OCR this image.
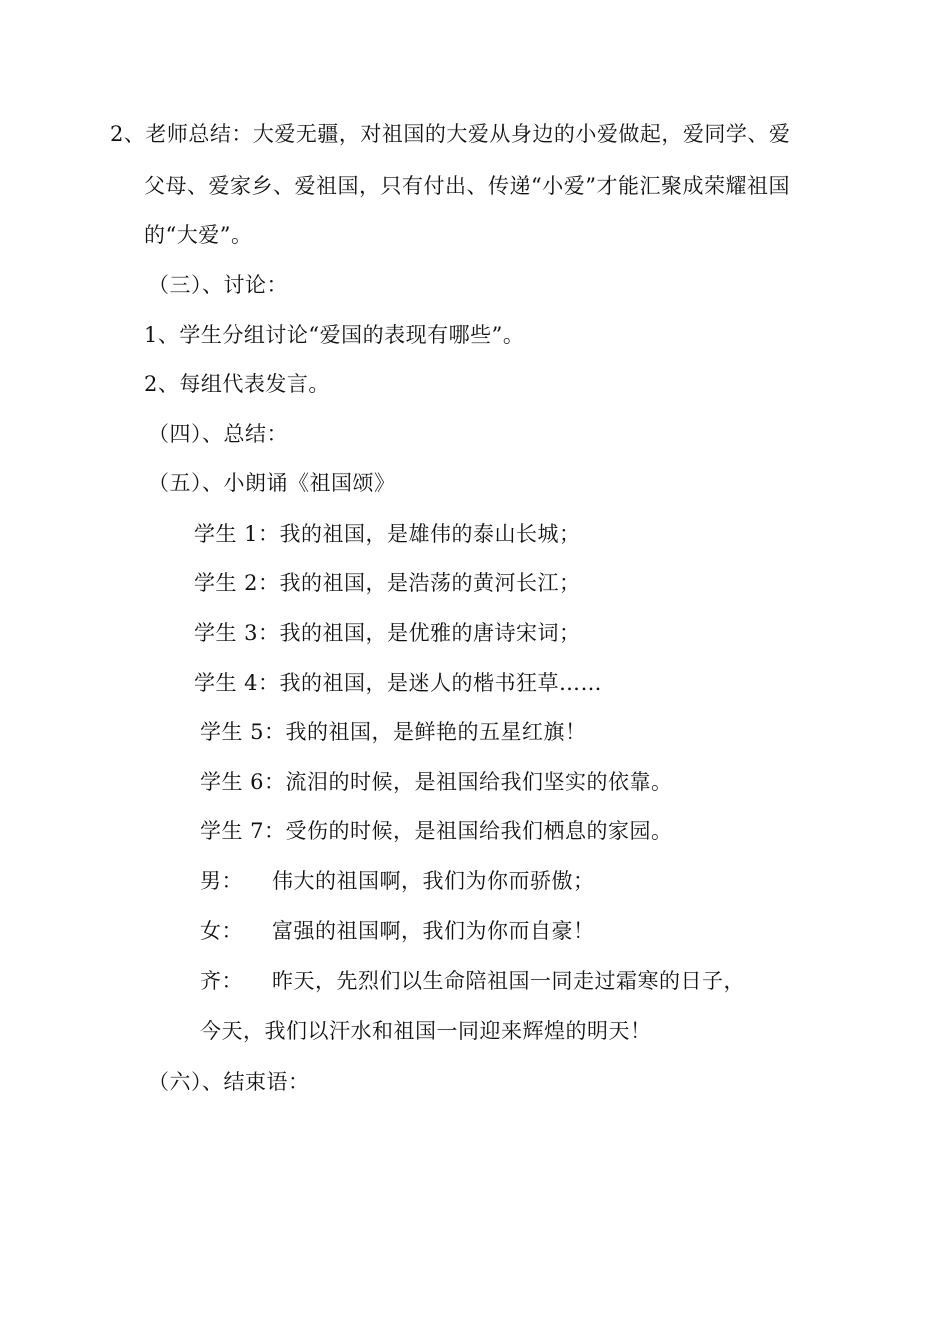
2、老师总结：大爱无疆，对祖国的大爱从身边的小爱做起，爱同学、爱
父母、爱家乡、爱祖国，只有付出、传递“小爱”才能汇聚成荣耀祖国
的“大爱”。
（三）、讨论：
1、学生分组讨论“爱国的表现有哪些”。
2、每组代表发言。
（四）、总结：
（五）、小朗诵《祖国颂》
学生 1：我的祖国，是雄伟的泰山长城；
学生 2：我的祖国，是浩荡的黄河长江；
学生 3：我的祖国，是优雅的唐诗宋词；
学生 4：我的祖国，是迷人的楷书狂草……
学生 5：我的祖国，是鲜艳的五星红旗！
学生 6：流泪的时候，是祖国给我们坚实的依靠。
学生 7：受伤的时候，是祖国给我们栖息的家园。
男： 伟大的祖国啊，我们为你而骄傲；
女： 富强的祖国啊，我们为你而自豪！
齐： 昨天，先烈们以生命陪祖国一同走过霜寒的日子，
今天，我们以汗水和祖国一同迎来辉煌的明天！
（六）、结束语：
